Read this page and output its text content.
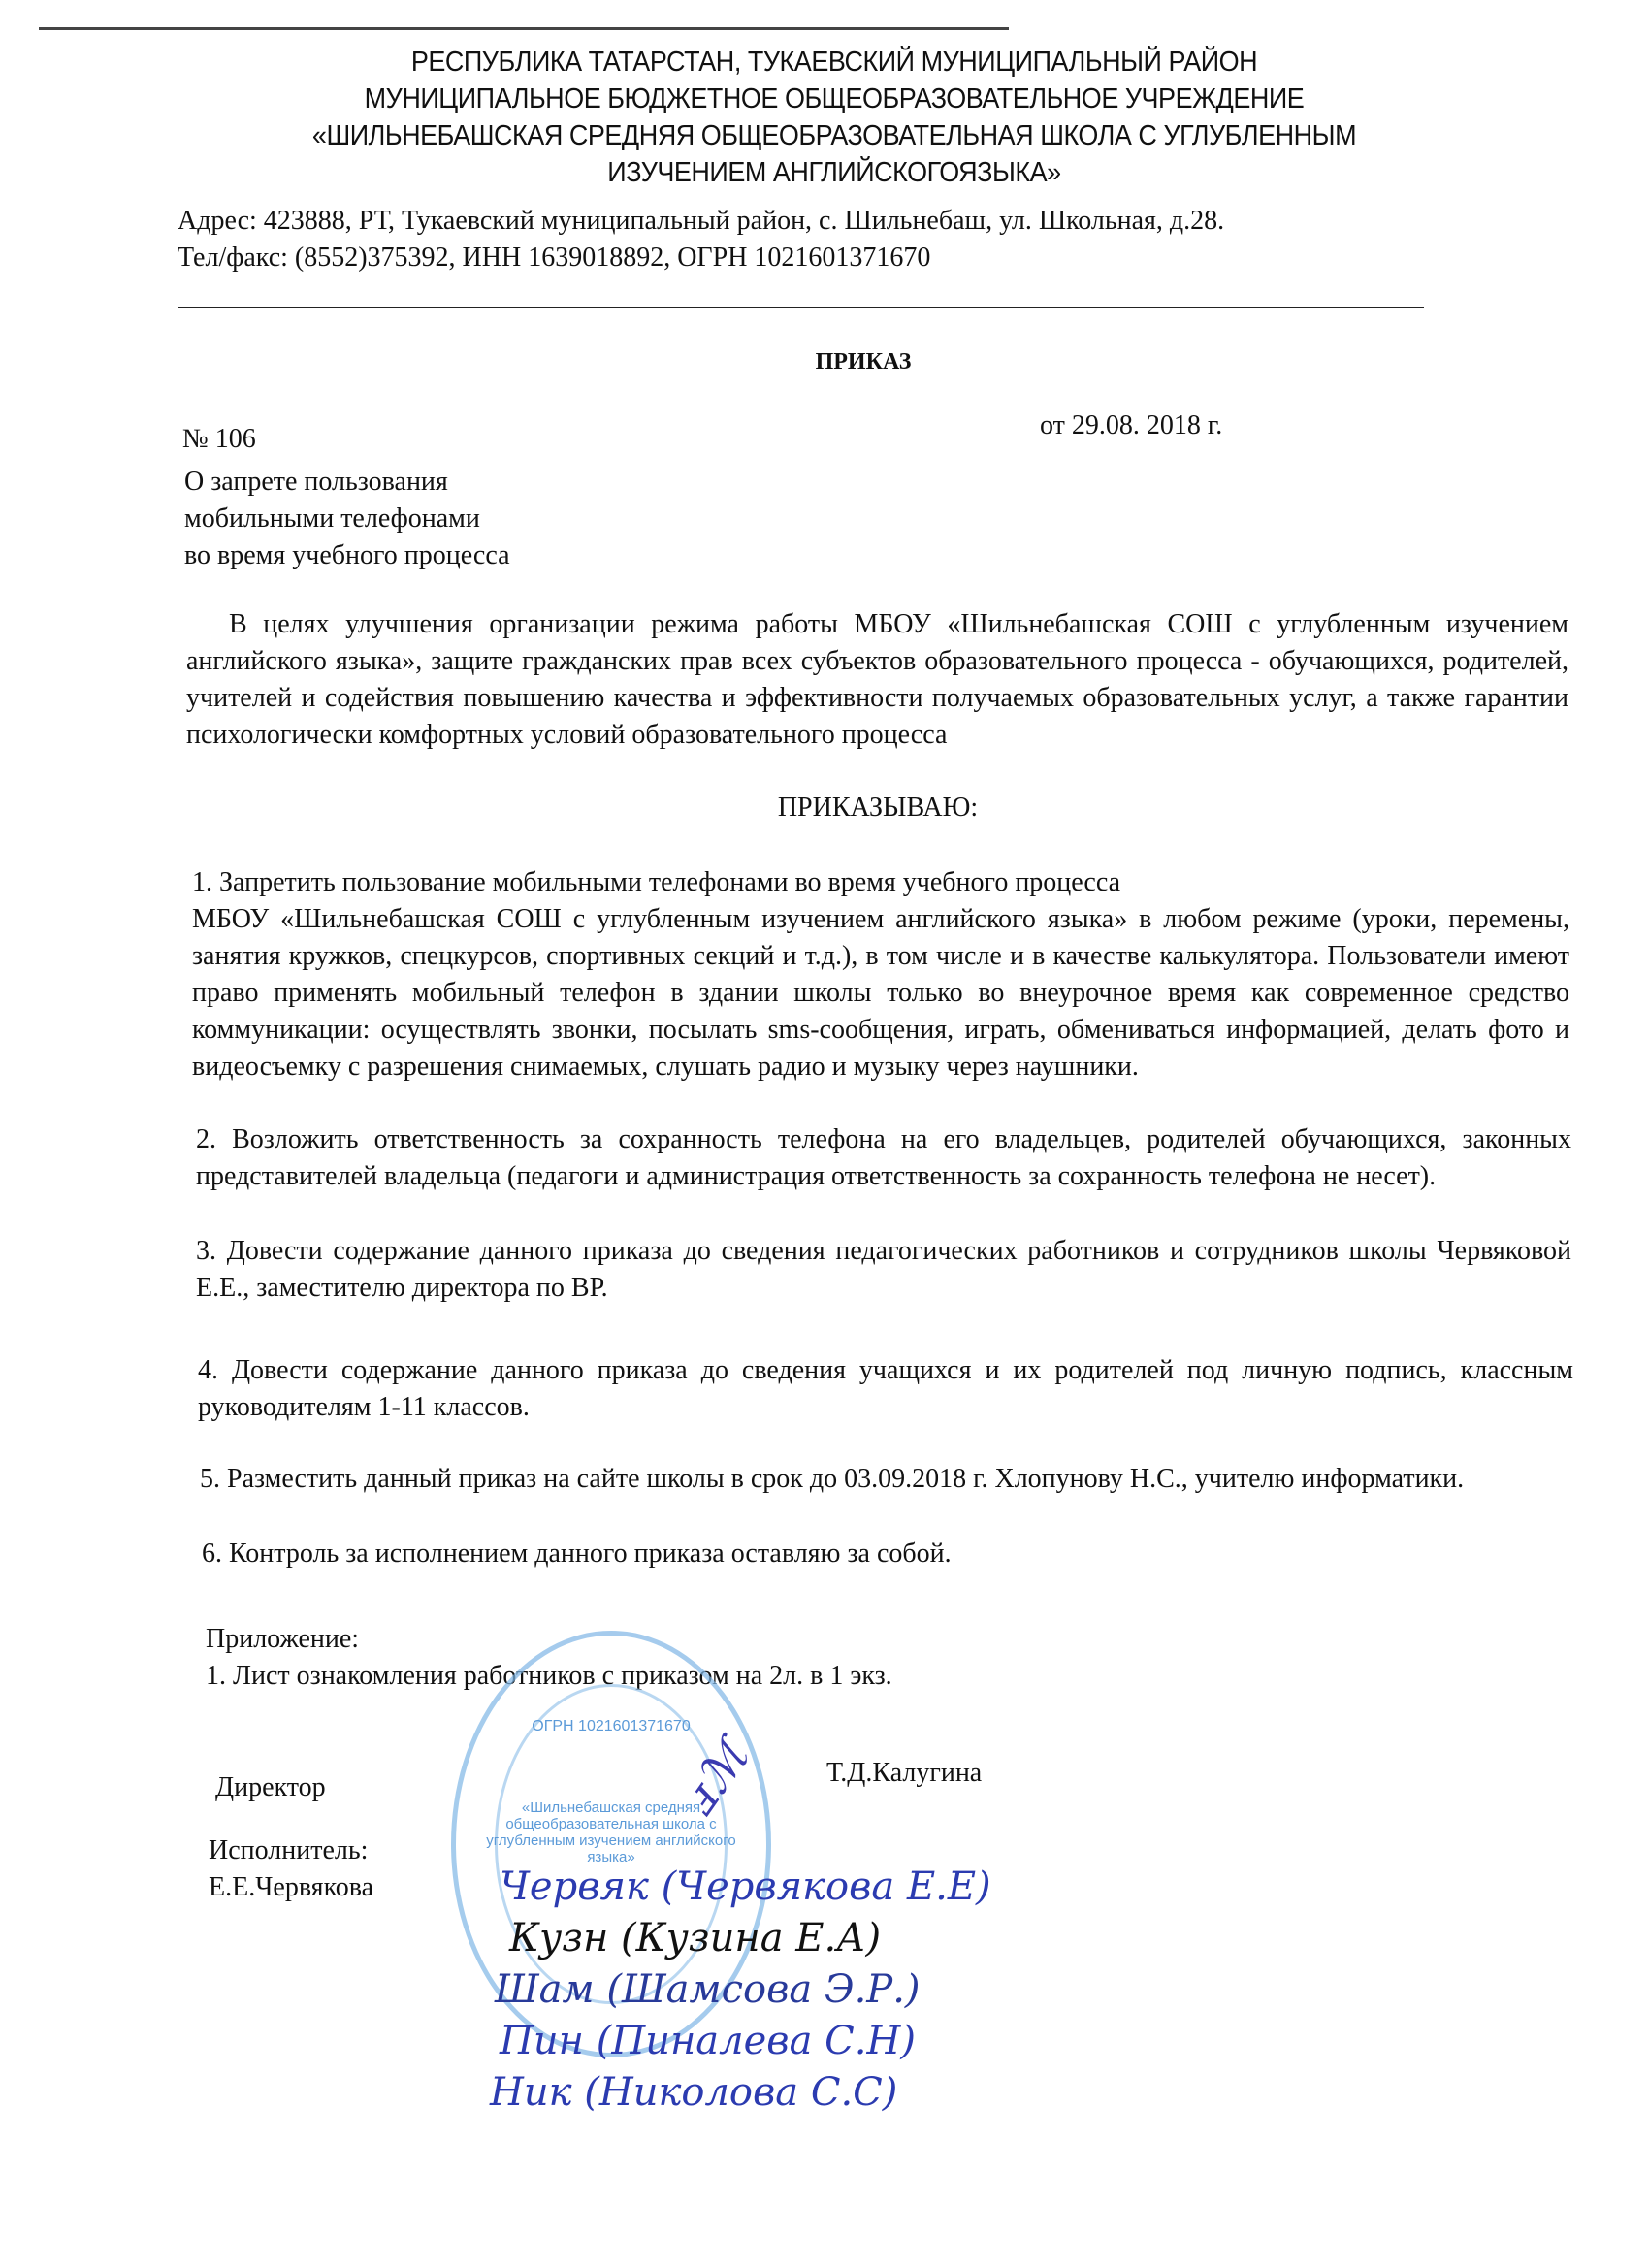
РЕСПУБЛИКА ТАТАРСТАН, ТУКАЕВСКИЙ МУНИЦИПАЛЬНЫЙ РАЙОН
МУНИЦИПАЛЬНОЕ БЮДЖЕТНОЕ ОБЩЕОБРАЗОВАТЕЛЬНОЕ УЧРЕЖДЕНИЕ
«ШИЛЬНЕБАШСКАЯ СРЕДНЯЯ ОБЩЕОБРАЗОВАТЕЛЬНАЯ ШКОЛА С УГЛУБЛЕННЫМ
ИЗУЧЕНИЕМ АНГЛИЙСКОГОЯЗЫКА»
Адрес: 423888, РТ, Тукаевский муниципальный район, с. Шильнебаш, ул. Школьная, д.28.
Тел/факс: (8552)375392, ИНН 1639018892, ОГРН 1021601371670
ПРИКАЗ
№ 106	от 29.08. 2018 г.
О запрете пользования
мобильными телефонами
во время учебного процесса

В целях улучшения организации режима работы МБОУ «Шильнебашская СОШ с углубленным изучением английского языка», защите гражданских прав всех субъектов образовательного процесса - обучающихся, родителей, учителей и содействия повышению качества и эффективности получаемых образовательных услуг, а также гарантии психологически комфортных условий образовательного процесса

ПРИКАЗЫВАЮ:
1. Запретить пользование мобильными телефонами во время учебного процесса

МБОУ «Шильнебашская СОШ с углубленным изучением английского языка» в любом режиме (уроки, перемены, занятия кружков, спецкурсов, спортивных секций и т.д.), в том числе и в качестве калькулятора. Пользователи имеют право применять мобильный телефон в здании школы только во внеурочное время как современное средство коммуникации: осуществлять звонки, посылать sms-сообщения, играть, обмениваться информацией, делать фото и видеосъемку с разрешения снимаемых, слушать радио и музыку через наушники.

2. Возложить ответственность за сохранность телефона на его владельцев, родителей обучающихся, законных представителей владельца (педагоги и администрация ответственность за сохранность телефона не несет).

3. Довести содержание данного приказа до сведения педагогических работников и сотрудников школы Червяковой Е.Е., заместителю директора по ВР.

4. Довести содержание данного приказа до сведения учащихся и их родителей под личную подпись, классным руководителям 1-11 классов.

5. Разместить данный приказ на сайте школы в срок до 03.09.2018 г. Хлопунову Н.С., учителю информатики.

6. Контроль за исполнением данного приказа оставляю за собой.
Приложение:
1. Лист ознакомления работников с приказом на 2л. в 1 экз.
ОГРН 1021601371670
Директор	ⅎℳ Т.Д.Калугина
«Шильнебашская средняя общеобразовательная школа с углубленным изучением английского языка»
Исполнитель:
Е.Е.Червякова	Червяк (Червякова Е.Е)
Кузн (Кузина Е.А)
Шам (Шамсова Э.Р.)
Пин (Пиналева С.Н)
Ник (Николова С.С)
